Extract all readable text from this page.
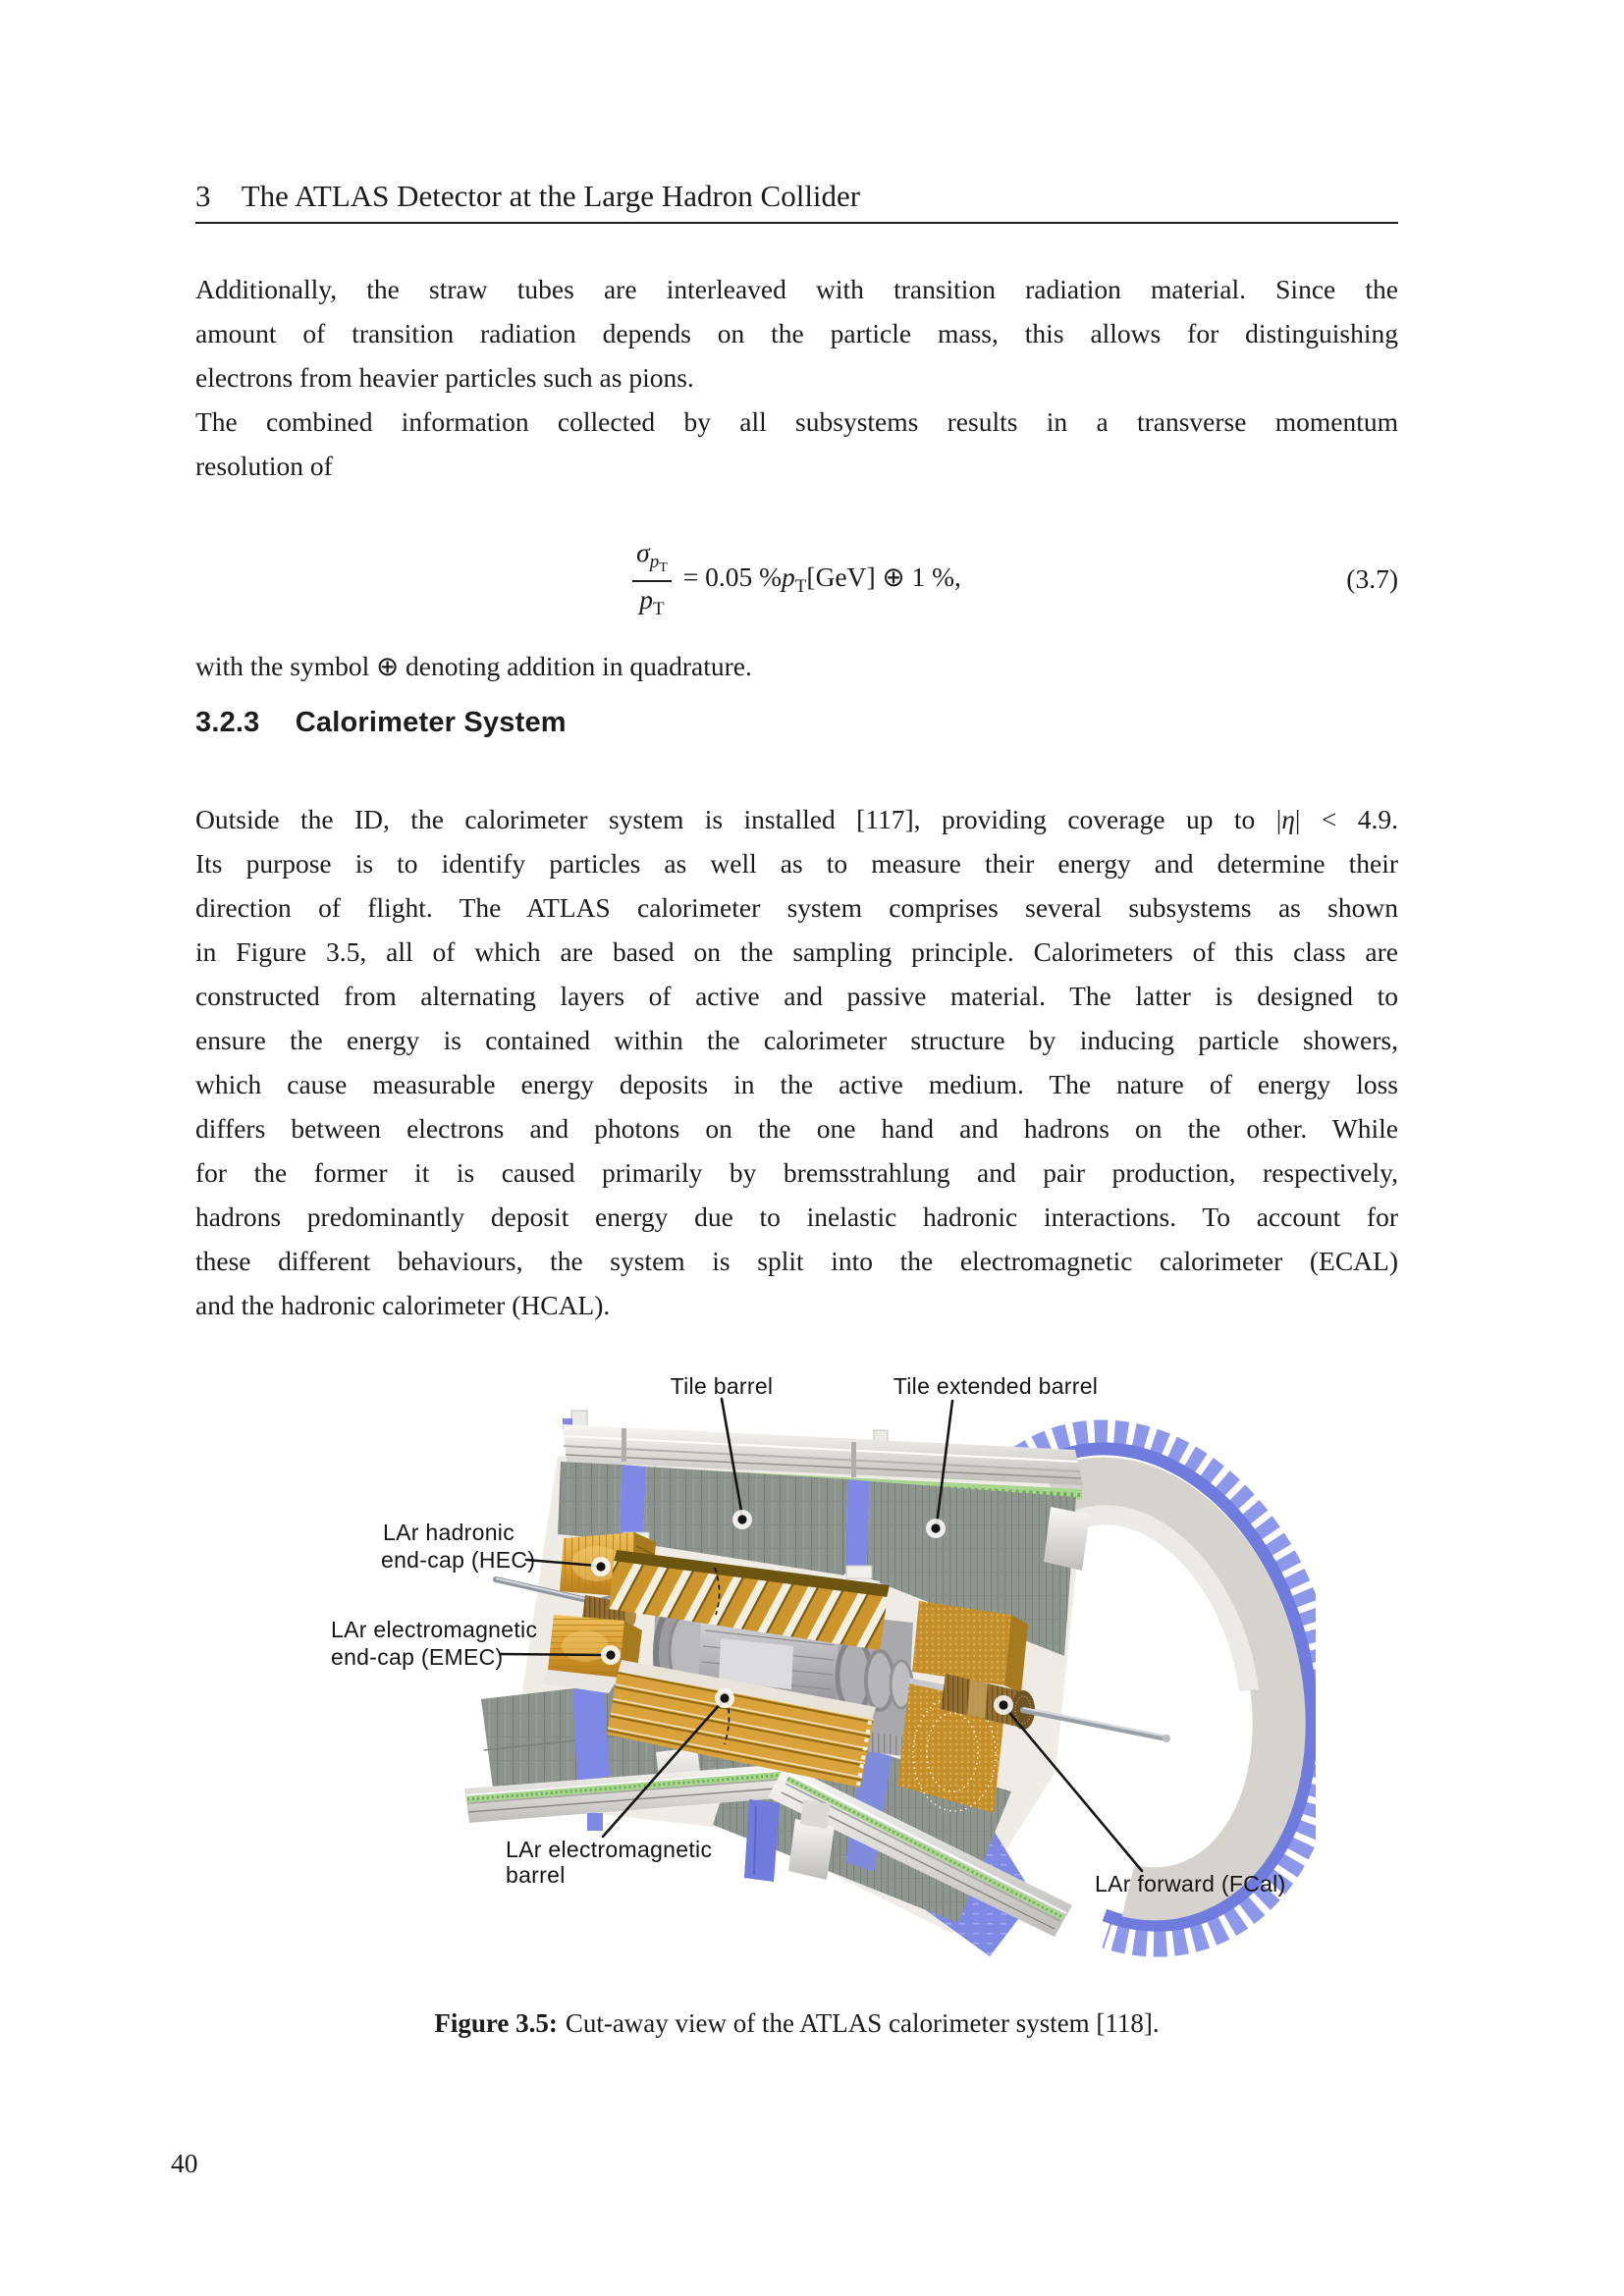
3 The ATLAS Detector at the Large Hadron Collider
Additionally, the straw tubes are interleaved with transition radiation material. Since the
amount of transition radiation depends on the particle mass, this allows for distinguishing
electrons from heavier particles such as pions.
The combined information collected by all subsystems results in a transverse momentum
resolution of
$\frac{\sigma_{pT}}{p_T} = 0.05$ $\%p_T[GeV]$ ⊕ 1 %,	(3.7)
with the symbol ⊕ denoting addition in quadrature.
3.2.3 Calorimeter System
Outside the ID, the calorimeter system is installed [117], providing coverage up to |η| < 4.9.
Its purpose is to identify particles as well as to measure their energy and determine their
direction of flight. The ATLAS calorimeter system comprises several subsystems as shown
in Figure 3.5, all of which are based on the sampling principle. Calorimeters of this class are
constructed from alternating layers of active and passive material. The latter is designed to
ensure the energy is contained within the calorimeter structure by inducing particle showers,
which cause measurable energy deposits in the active medium. The nature of energy loss
differs between electrons and photons on the one hand and hadrons on the other. While
for the former it is caused primarily by bremsstrahlung and pair production, respectively,
hadrons predominantly deposit energy due to inelastic hadronic interactions. To account for
these different behaviours, the system is split into the electromagnetic calorimeter (ECAL)
and the hadronic calorimeter (HCAL).
Tile barrel	Tile extended barrel
LAr hadronic
end-cap (HEC)
LAr electromagnetic
end-cap (EMEC)
LAr electromagnetic
barrel	LAr forward (FCal)
Figure 3.5: Cut-away view of the ATLAS calorimeter system [118].
40
